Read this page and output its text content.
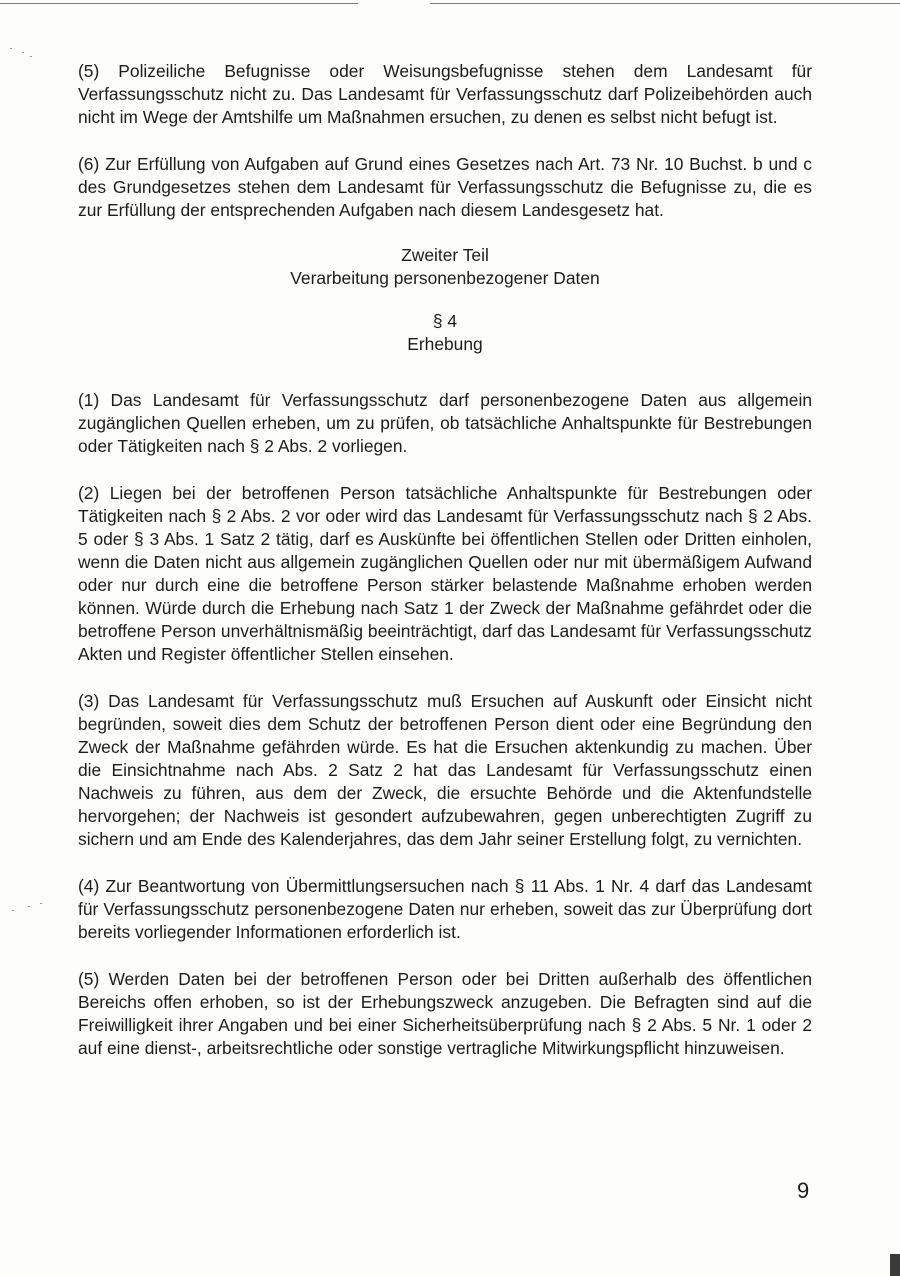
(5) Polizeiliche Befugnisse oder Weisungsbefugnisse stehen dem Landesamt für Verfassungsschutz nicht zu. Das Landesamt für Verfassungsschutz darf Polizeibehörden auch nicht im Wege der Amtshilfe um Maßnahmen ersuchen, zu denen es selbst nicht befugt ist.

(6) Zur Erfüllung von Aufgaben auf Grund eines Gesetzes nach Art. 73 Nr. 10 Buchst. b und c des Grundgesetzes stehen dem Landesamt für Verfassungsschutz die Befugnisse zu, die es zur Erfüllung der entsprechenden Aufgaben nach diesem Landesgesetz hat.

Zweiter Teil

Verarbeitung personenbezogener Daten

§ 4

Erhebung

(1) Das Landesamt für Verfassungsschutz darf personenbezogene Daten aus allgemein zugänglichen Quellen erheben, um zu prüfen, ob tatsächliche Anhaltspunkte für Bestrebungen oder Tätigkeiten nach § 2 Abs. 2 vorliegen.

(2) Liegen bei der betroffenen Person tatsächliche Anhaltspunkte für Bestrebungen oder Tätigkeiten nach § 2 Abs. 2 vor oder wird das Landesamt für Verfassungsschutz nach § 2 Abs. 5 oder § 3 Abs. 1 Satz 2 tätig, darf es Auskünfte bei öffentlichen Stellen oder Dritten einholen, wenn die Daten nicht aus allgemein zugänglichen Quellen oder nur mit übermäßigem Aufwand oder nur durch eine die betroffene Person stärker belastende Maßnahme erhoben werden können. Würde durch die Erhebung nach Satz 1 der Zweck der Maßnahme gefährdet oder die betroffene Person unverhältnismäßig beeinträchtigt, darf das Landesamt für Verfassungsschutz Akten und Register öffentlicher Stellen einsehen.

(3) Das Landesamt für Verfassungsschutz muß Ersuchen auf Auskunft oder Einsicht nicht begründen, soweit dies dem Schutz der betroffenen Person dient oder eine Begründung den Zweck der Maßnahme gefährden würde. Es hat die Ersuchen aktenkundig zu machen. Über die Einsichtnahme nach Abs. 2 Satz 2 hat das Landesamt für Verfassungsschutz einen Nachweis zu führen, aus dem der Zweck, die ersuchte Behörde und die Aktenfundstelle hervorgehen; der Nachweis ist gesondert aufzubewahren, gegen unberechtigten Zugriff zu sichern und am Ende des Kalenderjahres, das dem Jahr seiner Erstellung folgt, zu vernichten.

(4) Zur Beantwortung von Übermittlungsersuchen nach § 11 Abs. 1 Nr. 4 darf das Landesamt für Verfassungsschutz personenbezogene Daten nur erheben, soweit das zur Überprüfung dort bereits vorliegender Informationen erforderlich ist.

(5) Werden Daten bei der betroffenen Person oder bei Dritten außerhalb des öffentlichen Bereichs offen erhoben, so ist der Erhebungszweck anzugeben. Die Befragten sind auf die Freiwilligkeit ihrer Angaben und bei einer Sicherheitsüberprüfung nach § 2 Abs. 5 Nr. 1 oder 2 auf eine dienst-, arbeitsrechtliche oder sonstige vertragliche Mitwirkungspflicht hinzuweisen.

9
